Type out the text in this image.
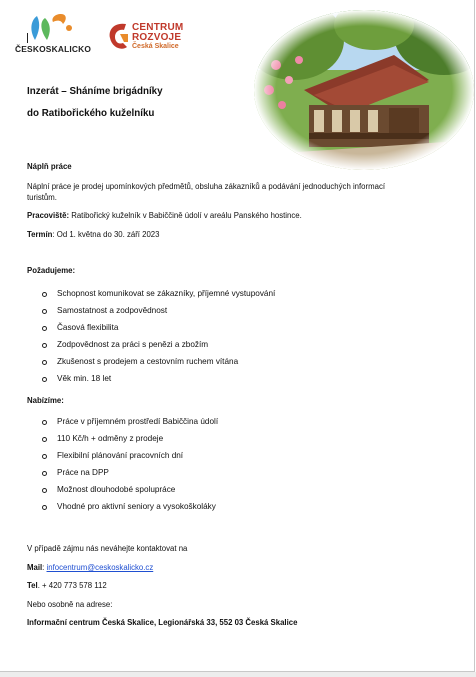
ČESKOSKALICKO
CENTRUM
ROZVOJE
Česká Skalice
Inzerát – Sháníme brigádníky
do Ratibořického kuželníku
Náplň práce
Náplní práce je prodej upomínkových předmětů, obsluha zákazníků a podávání jednoduchých informací
turistům.
Pracoviště: Ratibořický kuželník v Babiččině údolí v areálu Panského hostince.
Termín: Od 1. května do 30. září 2023
Požadujeme:
Schopnost komunikovat se zákazníky, příjemné vystupování
Samostatnost a zodpovědnost
Časová flexibilita
Zodpovědnost za práci s penězi a zbožím
Zkušenost s prodejem a cestovním ruchem vítána
Věk min. 18 let
Nabízíme:
Práce v příjemném prostředí Babiččina údolí
110 Kč/h + odměny z prodeje
Flexibilní plánování pracovních dní
Práce na DPP
Možnost dlouhodobé spolupráce
Vhodné pro aktivní seniory a vysokoškoláky
V případě zájmu nás neváhejte kontaktovat na
Mail: infocentrum@ceskoskalicko.cz
Tel. + 420 773 578 112
Nebo osobně na adrese:
Informační centrum Česká Skalice, Legionářská 33, 552 03 Česká Skalice
